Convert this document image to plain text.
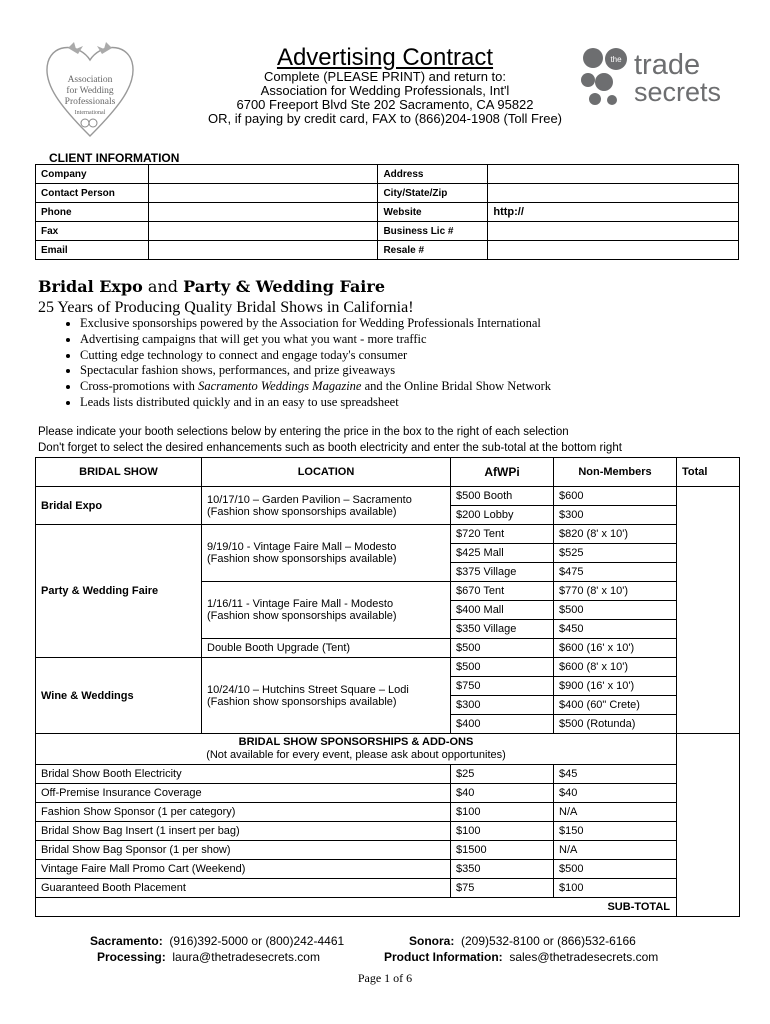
Association
for Wedding
Professionals
International
the trade
secrets
Advertising Contract
Complete (PLEASE PRINT) and return to:
Association for Wedding Professionals, Int'l
6700 Freeport Blvd Ste 202 Sacramento, CA 95822
OR, if paying by credit card, FAX to (866)204-1908 (Toll Free)
CLIENT INFORMATION
Company		Address	
Contact Person		City/State/Zip	
Phone		Website	http://
Fax		Business Lic #	
Email		Resale #	
Bridal Expo and Party & Wedding Faire
25 Years of Producing Quality Bridal Shows in California!
• Exclusive sponsorships powered by the Association for Wedding Professionals International
• Advertising campaigns that will get you what you want - more traffic
• Cutting edge technology to connect and engage today's consumer
• Spectacular fashion shows, performances, and prize giveaways
• Cross-promotions with Sacramento Weddings Magazine and the Online Bridal Show Network
• Leads lists distributed quickly and in an easy to use spreadsheet
Please indicate your booth selections below by entering the price in the box to the right of each selection
Don't forget to select the desired enhancements such as booth electricity and enter the sub-total at the bottom right
BRIDAL SHOW	LOCATION	AfWPi	Non-Members	Total
Bridal Expo	10/17/10 – Garden Pavilion – Sacramento
(Fashion show sponsorships available)	$500 Booth	$600	
		$200 Lobby	$300	
Party & Wedding Faire	9/19/10 - Vintage Faire Mall – Modesto
(Fashion show sponsorships available)	$720 Tent	$820 (8' x 10')	
		$425 Mall	$525	
		$375 Village	$475	

	1/16/11 - Vintage Faire Mall - Modesto
(Fashion show sponsorships available)	$670 Tent	$770 (8' x 10')	
		$400 Mall	$500	
		$350 Village	$450	
	Double Booth Upgrade (Tent)	$500	$600 (16' x 10')	
Wine & Weddings	10/24/10 – Hutchins Street Square – Lodi
(Fashion show sponsorships available)	$500	$600 (8' x 10')	
		$750	$900 (16' x 10')	
		$300	$400 (60" Crete)	
		$400	$500 (Rotunda)	

BRIDAL SHOW SPONSORSHIPS & ADD-ONS
(Not available for every event, please ask about opportunites)				
Bridal Show Booth Electricity		$25	$45	
Off-Premise Insurance Coverage		$40	$40	
Fashion Show Sponsor (1 per category)		$100	N/A	
Bridal Show Bag Insert (1 insert per bag)		$100	$150	
Bridal Show Bag Sponsor (1 per show)		$1500	N/A	
Vintage Faire Mall Promo Cart (Weekend)		$350	$500	
Guaranteed Booth Placement		$75	$100	
SUB-TOTAL				
Sacramento: (916)392-5000 or (800)242-4461	Sonora: (209)532-8100 or (866)532-6166
Processing: laura@thetradesecrets.com	Product Information: sales@thetradesecrets.com
Page 1 of 6
